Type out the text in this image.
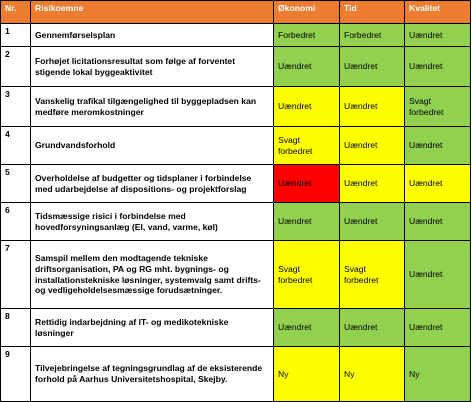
Nr.	Risikoemne	Økonomi	Tid	Kvalitet
1	Gennemførselsplan	Forbedret	Forbedret	Uændret
2	Forhøjet licitationsresultat som følge af forventet stigende lokal byggeaktivitet	Uændret	Uændret	Uændret
3	Vanskelig trafikal tilgængelighed til byggepladsen kan medføre meromkostninger	Uændret	Uændret	Svagt forbedret
4	Grundvandsforhold	Svagt forbedret	Uændret	Uændret
5	Overholdelse af budgetter og tidsplaner i forbindelse med udarbejdelse af dispositions- og projektforslag	Uændret	Uændret	Uændret
6	Tidsmæssige risici i forbindelse med hovedforsyningsanlæg (El, vand, varme, køl)	Uændret	Uændret	Uændret
7	Samspil mellem den modtagende tekniske driftsorganisation, PA og RG mht. bygnings- og installationstekniske løsninger, systemvalg samt drifts- og vedligeholdelsesmæssige forudsætninger.	Svagt forbedret	Svagt forbedret	Uændret
8	Rettidig indarbejdning af IT- og medikotekniske løsninger	Uændret	Uændret	Uændret
9	Tilvejebringelse af tegningsgrundlag af de eksisterende forhold på Aarhus Universitetshospital, Skejby.	Ny	Ny	Ny
